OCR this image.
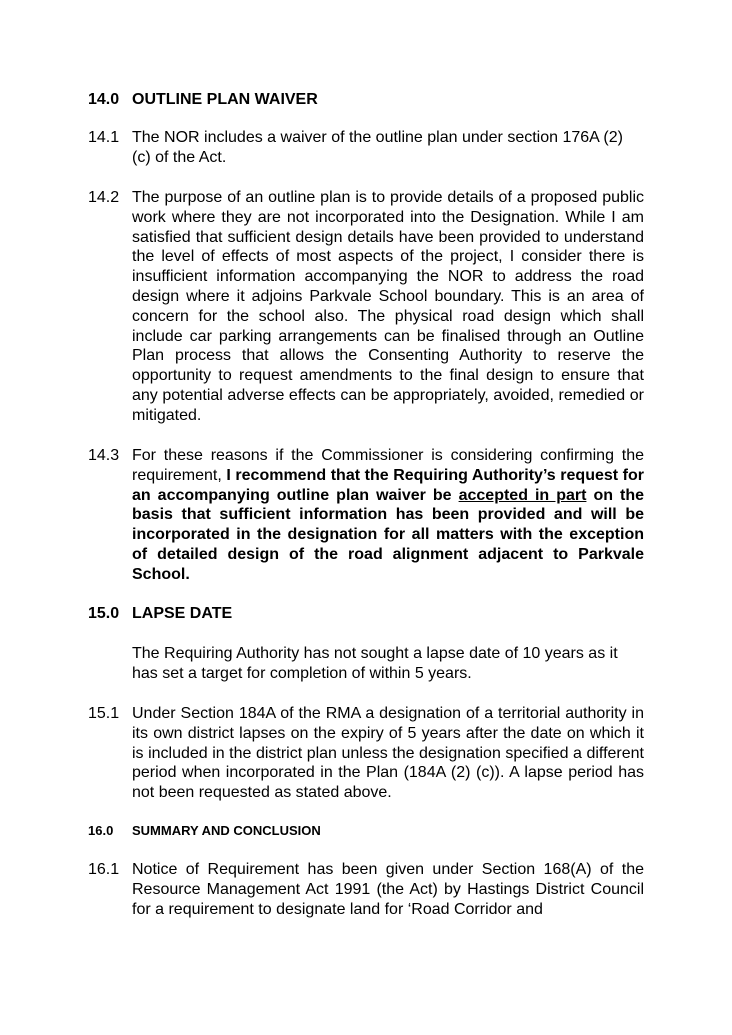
14.0 OUTLINE PLAN WAIVER
14.1 The NOR includes a waiver of the outline plan under section 176A (2) (c) of the Act.
14.2 The purpose of an outline plan is to provide details of a proposed public work where they are not incorporated into the Designation. While I am satisfied that sufficient design details have been provided to understand the level of effects of most aspects of the project, I consider there is insufficient information accompanying the NOR to address the road design where it adjoins Parkvale School boundary. This is an area of concern for the school also. The physical road design which shall include car parking arrangements can be finalised through an Outline Plan process that allows the Consenting Authority to reserve the opportunity to request amendments to the final design to ensure that any potential adverse effects can be appropriately, avoided, remedied or mitigated.
14.3 For these reasons if the Commissioner is considering confirming the requirement, I recommend that the Requiring Authority’s request for an accompanying outline plan waiver be accepted in part on the basis that sufficient information has been provided and will be incorporated in the designation for all matters with the exception of detailed design of the road alignment adjacent to Parkvale School.
15.0 LAPSE DATE
The Requiring Authority has not sought a lapse date of 10 years as it has set a target for completion of within 5 years.
15.1 Under Section 184A of the RMA a designation of a territorial authority in its own district lapses on the expiry of 5 years after the date on which it is included in the district plan unless the designation specified a different period when incorporated in the Plan (184A (2) (c)). A lapse period has not been requested as stated above.
16.0	SUMMARY AND CONCLUSION
16.1 Notice of Requirement has been given under Section 168(A) of the Resource Management Act 1991 (the Act) by Hastings District Council for a requirement to designate land for ‘Road Corridor and
